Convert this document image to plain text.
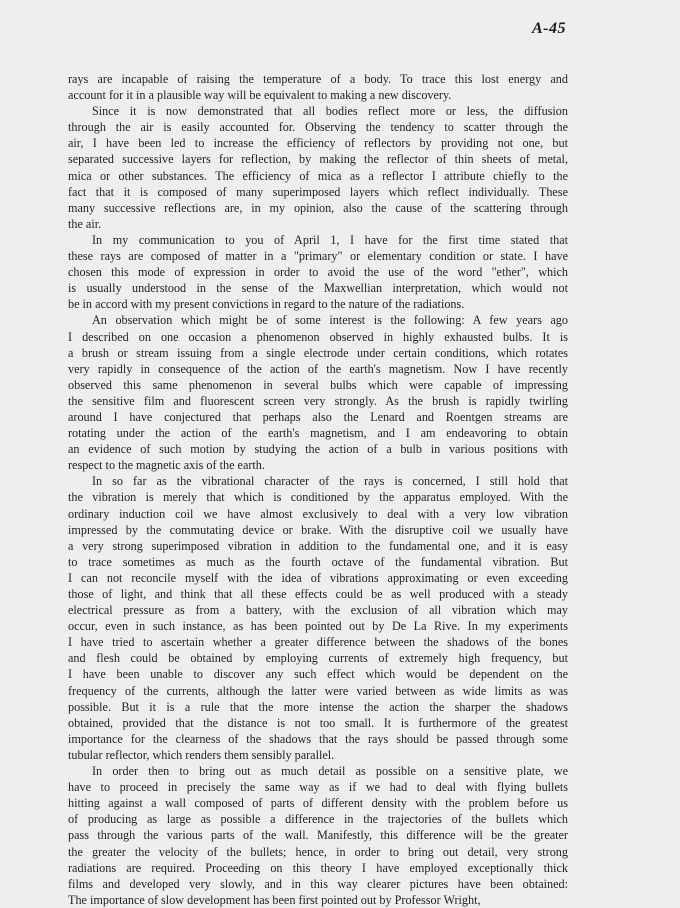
A-45
rays are incapable of raising the temperature of a body. To trace this lost energy and
account for it in a plausible way will be equivalent to making a new discovery.
Since it is now demonstrated that all bodies reflect more or less, the diffusion
through the air is easily accounted for. Observing the tendency to scatter through the
air, I have been led to increase the efficiency of reflectors by providing not one, but
separated successive layers for reflection, by making the reflector of thin sheets of metal,
mica or other substances. The efficiency of mica as a reflector I attribute chiefly to the
fact that it is composed of many superimposed layers which reflect individually. These
many successive reflections are, in my opinion, also the cause of the scattering through
the air.
In my communication to you of April 1, I have for the first time stated that
these rays are composed of matter in a "primary" or elementary condition or state. I have
chosen this mode of expression in order to avoid the use of the word "ether", which
is usually understood in the sense of the Maxwellian interpretation, which would not
be in accord with my present convictions in regard to the nature of the radiations.
An observation which might be of some interest is the following: A few years ago
I described on one occasion a phenomenon observed in highly exhausted bulbs. It is
a brush or stream issuing from a single electrode under certain conditions, which rotates
very rapidly in consequence of the action of the earth's magnetism. Now I have recently
observed this same phenomenon in several bulbs which were capable of impressing
the sensitive film and fluorescent screen very strongly. As the brush is rapidly twirling
around I have conjectured that perhaps also the Lenard and Roentgen streams are
rotating under the action of the earth's magnetism, and I am endeavoring to obtain
an evidence of such motion by studying the action of a bulb in various positions with
respect to the magnetic axis of the earth.
In so far as the vibrational character of the rays is concerned, I still hold that
the vibration is merely that which is conditioned by the apparatus employed. With the
ordinary induction coil we have almost exclusively to deal with a very low vibration
impressed by the commutating device or brake. With the disruptive coil we usually have
a very strong superimposed vibration in addition to the fundamental one, and it is easy
to trace sometimes as much as the fourth octave of the fundamental vibration. But
I can not reconcile myself with the idea of vibrations approximating or even exceeding
those of light, and think that all these effects could be as well produced with a steady
electrical pressure as from a battery, with the exclusion of all vibration which may
occur, even in such instance, as has been pointed out by De La Rive. In my experiments
I have tried to ascertain whether a greater difference between the shadows of the bones
and flesh could be obtained by employing currents of extremely high frequency, but
I have been unable to discover any such effect which would be dependent on the
frequency of the currents, although the latter were varied between as wide limits as was
possible. But it is a rule that the more intense the action the sharper the shadows
obtained, provided that the distance is not too small. It is furthermore of the greatest
importance for the clearness of the shadows that the rays should be passed through some
tubular reflector, which renders them sensibly parallel.
In order then to bring out as much detail as possible on a sensitive plate, we
have to proceed in precisely the same way as if we had to deal with flying bullets
hitting against a wall composed of parts of different density with the problem before us
of producing as large as possible a difference in the trajectories of the bullets which
pass through the various parts of the wall. Manifestly, this difference will be the greater
the greater the velocity of the bullets; hence, in order to bring out detail, very strong
radiations are required. Proceeding on this theory I have employed exceptionally thick
films and developed very slowly, and in this way clearer pictures have been obtained:
The importance of slow development has been first pointed out by Professor Wright,
